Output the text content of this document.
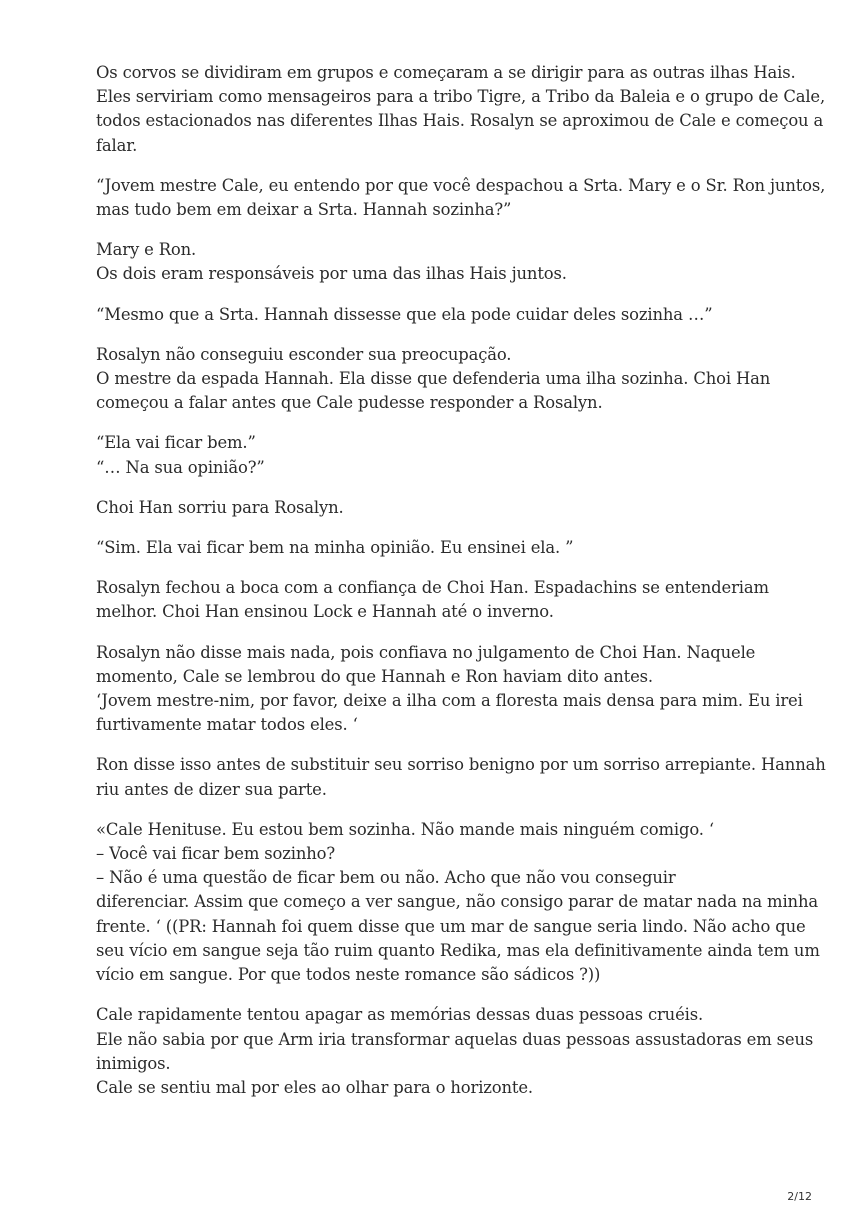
Os corvos se dividiram em grupos e começaram a se dirigir para as outras ilhas Hais.
Eles serviriam como mensageiros para a tribo Tigre, a Tribo da Baleia e o grupo de Cale,
todos estacionados nas diferentes Ilhas Hais. Rosalyn se aproximou de Cale e começou a
falar.

“Jovem mestre Cale, eu entendo por que você despachou a Srta. Mary e o Sr. Ron juntos,
mas tudo bem em deixar a Srta. Hannah sozinha?”

Mary e Ron.
Os dois eram responsáveis por uma das ilhas Hais juntos.

“Mesmo que a Srta. Hannah dissesse que ela pode cuidar deles sozinha …”

Rosalyn não conseguiu esconder sua preocupação.
O mestre da espada Hannah. Ela disse que defenderia uma ilha sozinha. Choi Han
começou a falar antes que Cale pudesse responder a Rosalyn.

“Ela vai ficar bem.”
“… Na sua opinião?”

Choi Han sorriu para Rosalyn.

“Sim. Ela vai ficar bem na minha opinião. Eu ensinei ela. ”

Rosalyn fechou a boca com a confiança de Choi Han. Espadachins se entenderiam
melhor. Choi Han ensinou Lock e Hannah até o inverno.

Rosalyn não disse mais nada, pois confiava no julgamento de Choi Han. Naquele
momento, Cale se lembrou do que Hannah e Ron haviam dito antes.
‘Jovem mestre-nim, por favor, deixe a ilha com a floresta mais densa para mim. Eu irei
furtivamente matar todos eles. ‘

Ron disse isso antes de substituir seu sorriso benigno por um sorriso arrepiante. Hannah
riu antes de dizer sua parte.

«Cale Henituse. Eu estou bem sozinha. Não mande mais ninguém comigo. ‘
– Você vai ficar bem sozinho?
– Não é uma questão de ficar bem ou não. Acho que não vou conseguir
diferenciar. Assim que começo a ver sangue, não consigo parar de matar nada na minha
frente. ‘ ((PR: Hannah foi quem disse que um mar de sangue seria lindo. Não acho que
seu vício em sangue seja tão ruim quanto Redika, mas ela definitivamente ainda tem um
vício em sangue. Por que todos neste romance são sádicos ?))

Cale rapidamente tentou apagar as memórias dessas duas pessoas cruéis.
Ele não sabia por que Arm iria transformar aquelas duas pessoas assustadoras em seus
inimigos.
Cale se sentiu mal por eles ao olhar para o horizonte.

2/12
